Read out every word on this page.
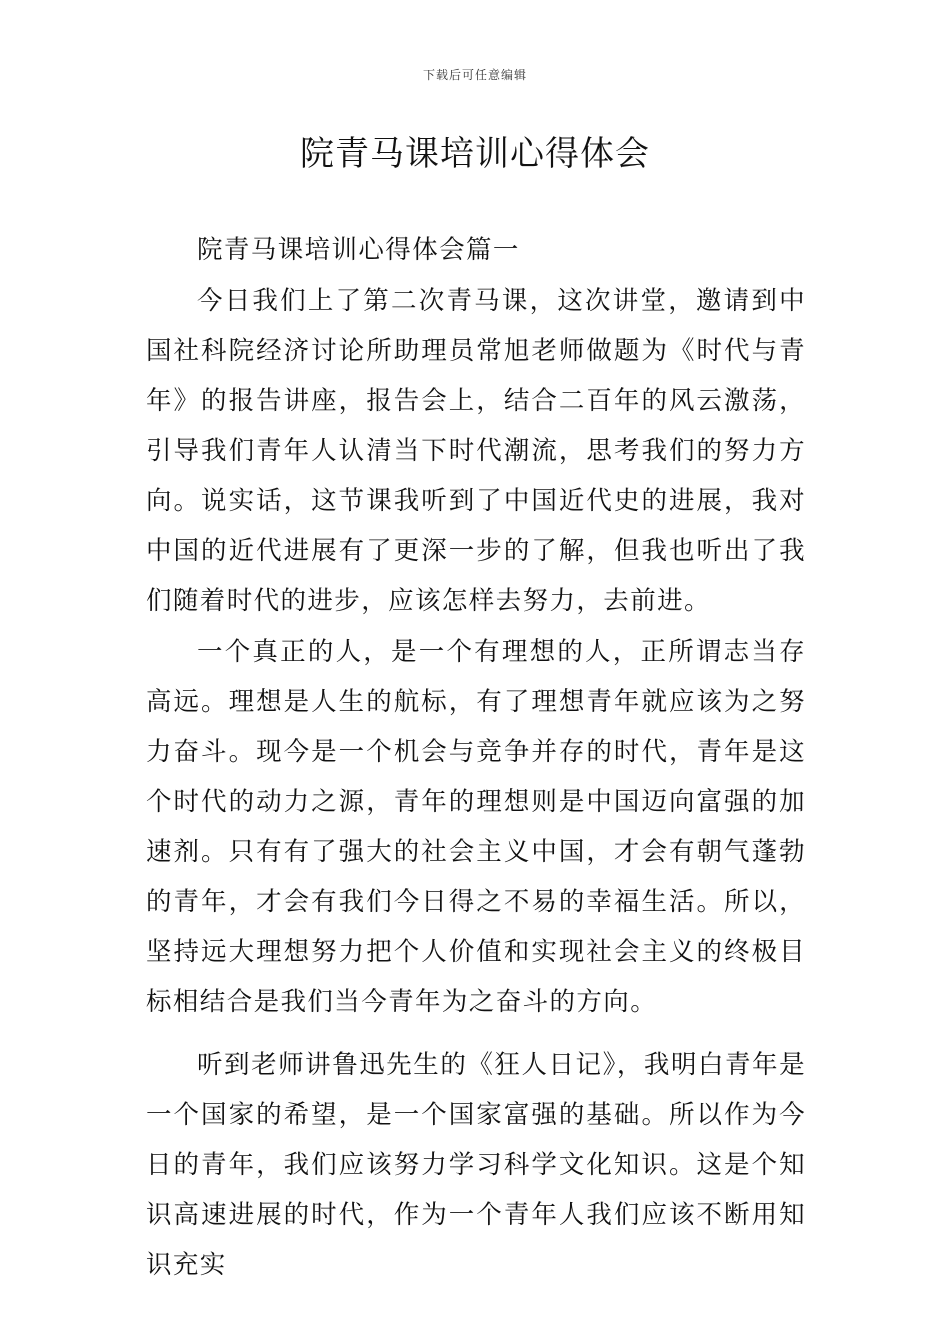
下载后可任意编辑
院青马课培训心得体会

院青马课培训心得体会篇一

今日我们上了第二次青马课，这次讲堂，邀请到中国社科院经济讨论所助理员常旭老师做题为《时代与青年》的报告讲座，报告会上，结合二百年的风云激荡，引导我们青年人认清当下时代潮流，思考我们的努力方向。说实话，这节课我听到了中国近代史的进展，我对中国的近代进展有了更深一步的了解，但我也听出了我们随着时代的进步，应该怎样去努力，去前进。

一个真正的人，是一个有理想的人，正所谓志当存高远。理想是人生的航标，有了理想青年就应该为之努力奋斗。现今是一个机会与竞争并存的时代，青年是这个时代的动力之源，青年的理想则是中国迈向富强的加速剂。只有有了强大的社会主义中国，才会有朝气蓬勃的青年，才会有我们今日得之不易的幸福生活。所以，坚持远大理想努力把个人价值和实现社会主义的终极目标相结合是我们当今青年为之奋斗的方向。

听到老师讲鲁迅先生的《狂人日记》，我明白青年是一个国家的希望，是一个国家富强的基础。所以作为今日的青年，我们应该努力学习科学文化知识。这是个知识高速进展的时代，作为一个青年人我们应该不断用知识充实
